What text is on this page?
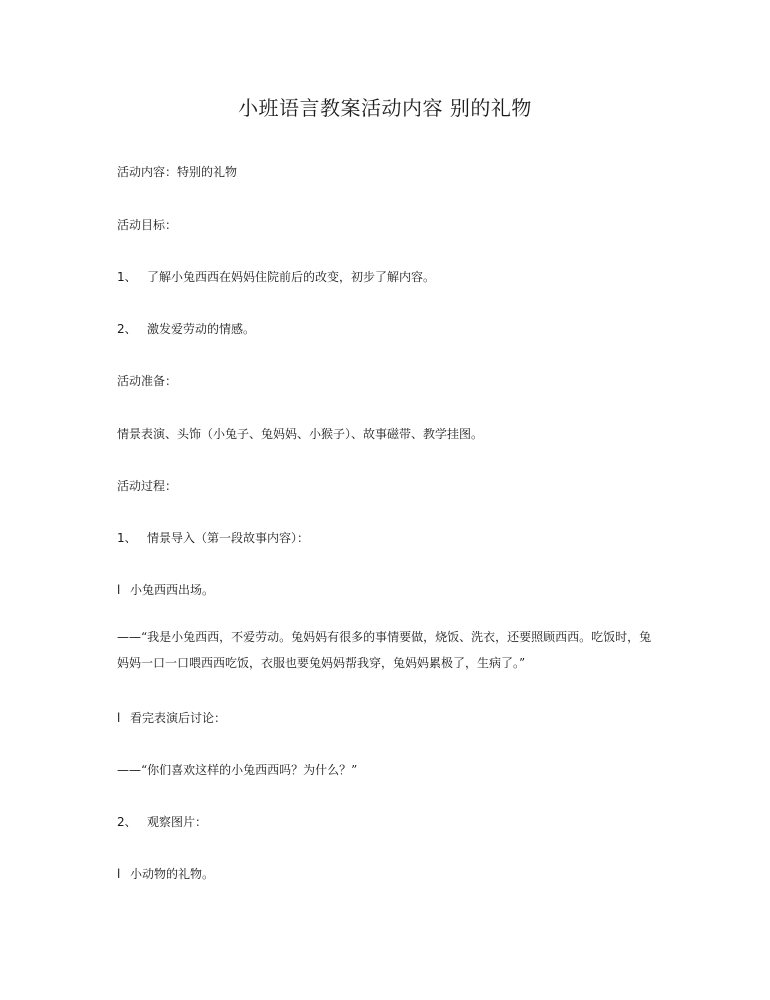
小班语言教案活动内容 别的礼物

活动内容：特别的礼物

活动目标：

1、 了解小兔西西在妈妈住院前后的改变，初步了解内容。

2、 激发爱劳动的情感。

活动准备：

情景表演、头饰（小兔子、兔妈妈、小猴子）、故事磁带、教学挂图。

活动过程：

1、 情景导入（第一段故事内容）：

l 小兔西西出场。

——“我是小兔西西，不爱劳动。兔妈妈有很多的事情要做，烧饭、洗衣，还要照顾西西。吃饭时，兔妈妈一口一口喂西西吃饭，衣服也要兔妈妈帮我穿，兔妈妈累极了，生病了。”

l 看完表演后讨论：

——“你们喜欢这样的小兔西西吗？为什么？”

2、 观察图片：

l 小动物的礼物。
